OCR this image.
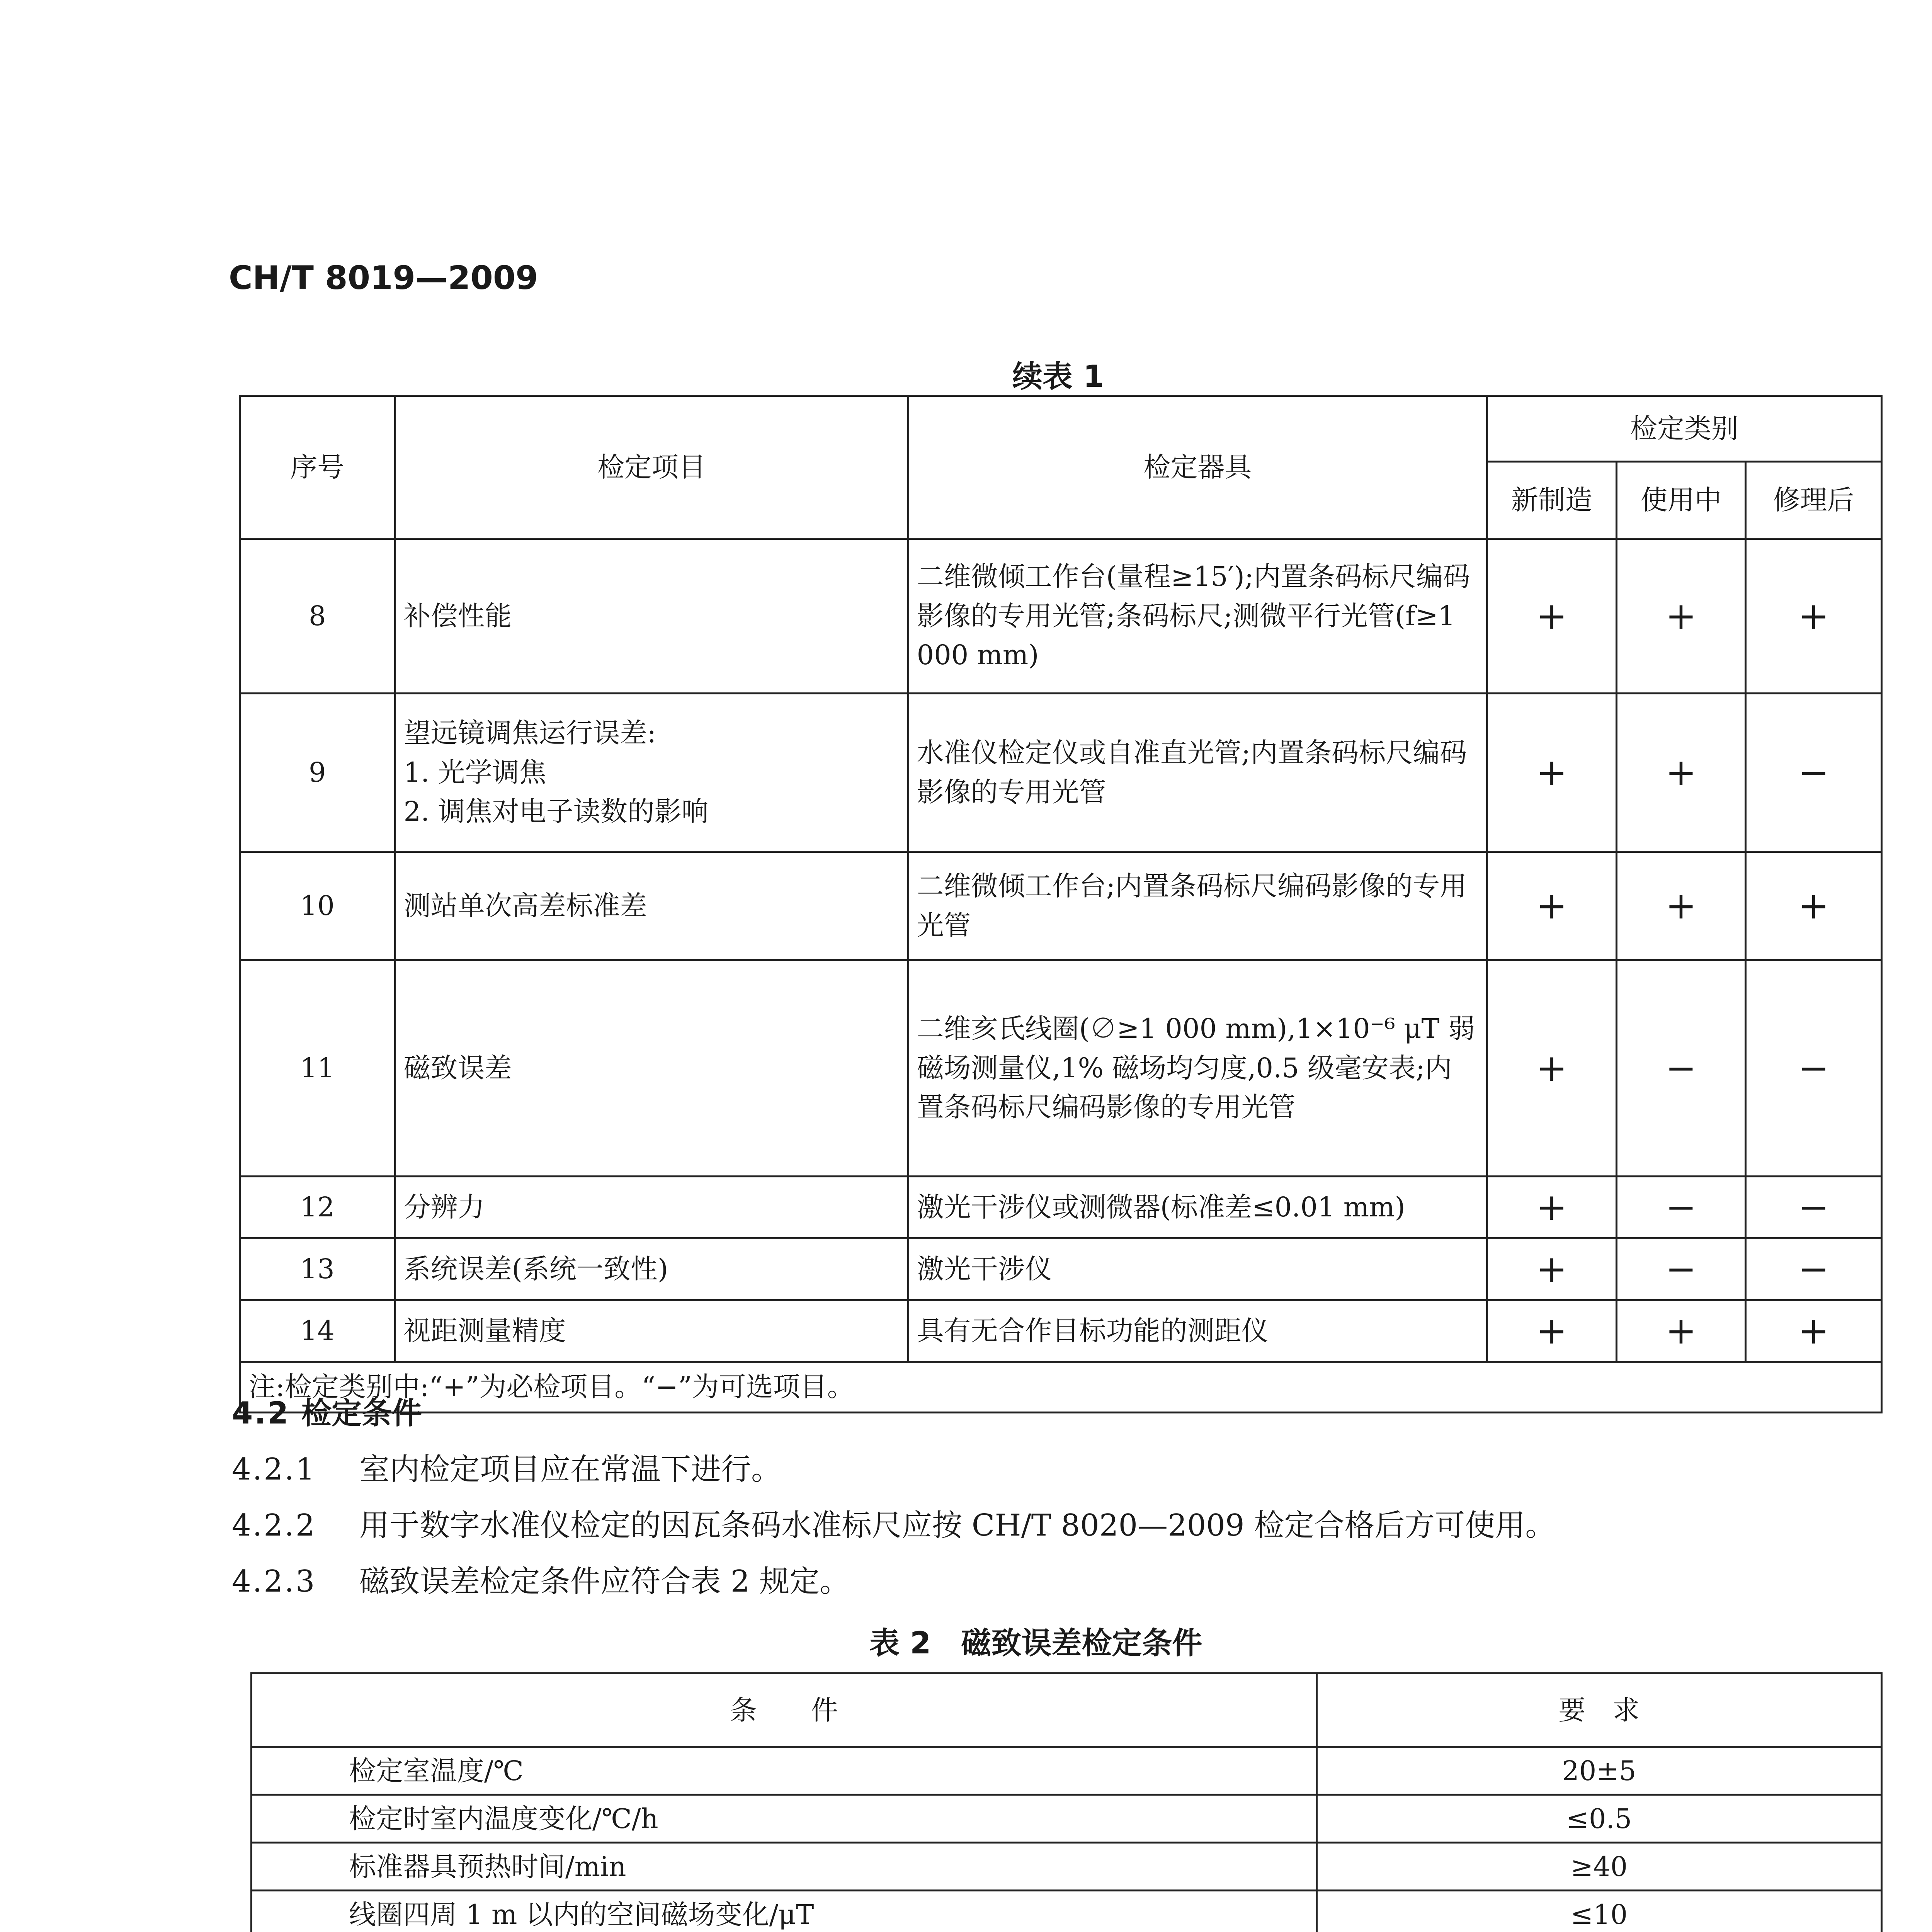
CH/T 8019—2009
续表 1
序号	检定项目	检定器具	检定类别		
			新制造	使用中	修理后
8	补偿性能	二维微倾工作台(量程≥15′);内置条码标尺编码影像的专用光管;条码标尺;测微平行光管(f≥1 000 mm)	+	+	+
9	望远镜调焦运行误差:
1. 光学调焦
2. 调焦对电子读数的影响	水准仪检定仪或自准直光管;内置条码标尺编码影像的专用光管	+	+	−
10	测站单次高差标准差	二维微倾工作台;内置条码标尺编码影像的专用光管	+	+	+
11	磁致误差	二维亥氏线圈(∅≥1 000 mm),1×10⁻⁶ μT 弱磁场测量仪,1% 磁场均匀度,0.5 级毫安表;内置条码标尺编码影像的专用光管	+	−	−
12	分辨力	激光干涉仪或测微器(标准差≤0.01 mm)	+	−	−
13	系统误差(系统一致性)	激光干涉仪	+	−	−
14	视距测量精度	具有无合作目标功能的测距仪	+	+	+
注:检定类别中:“+”为必检项目。“−”为可选项目。					
4.2 检定条件
4.2.1 室内检定项目应在常温下进行。
4.2.2 用于数字水准仪检定的因瓦条码水准标尺应按 CH/T 8020—2009 检定合格后方可使用。
4.2.3 磁致误差检定条件应符合表 2 规定。
表 2　磁致误差检定条件
条　　件	要　求
检定室温度/℃	20±5
检定时室内温度变化/℃/h	≤0.5
标准器具预热时间/min	≥40
线圈四周 1 m 以内的空间磁场变化/μT	≤10
